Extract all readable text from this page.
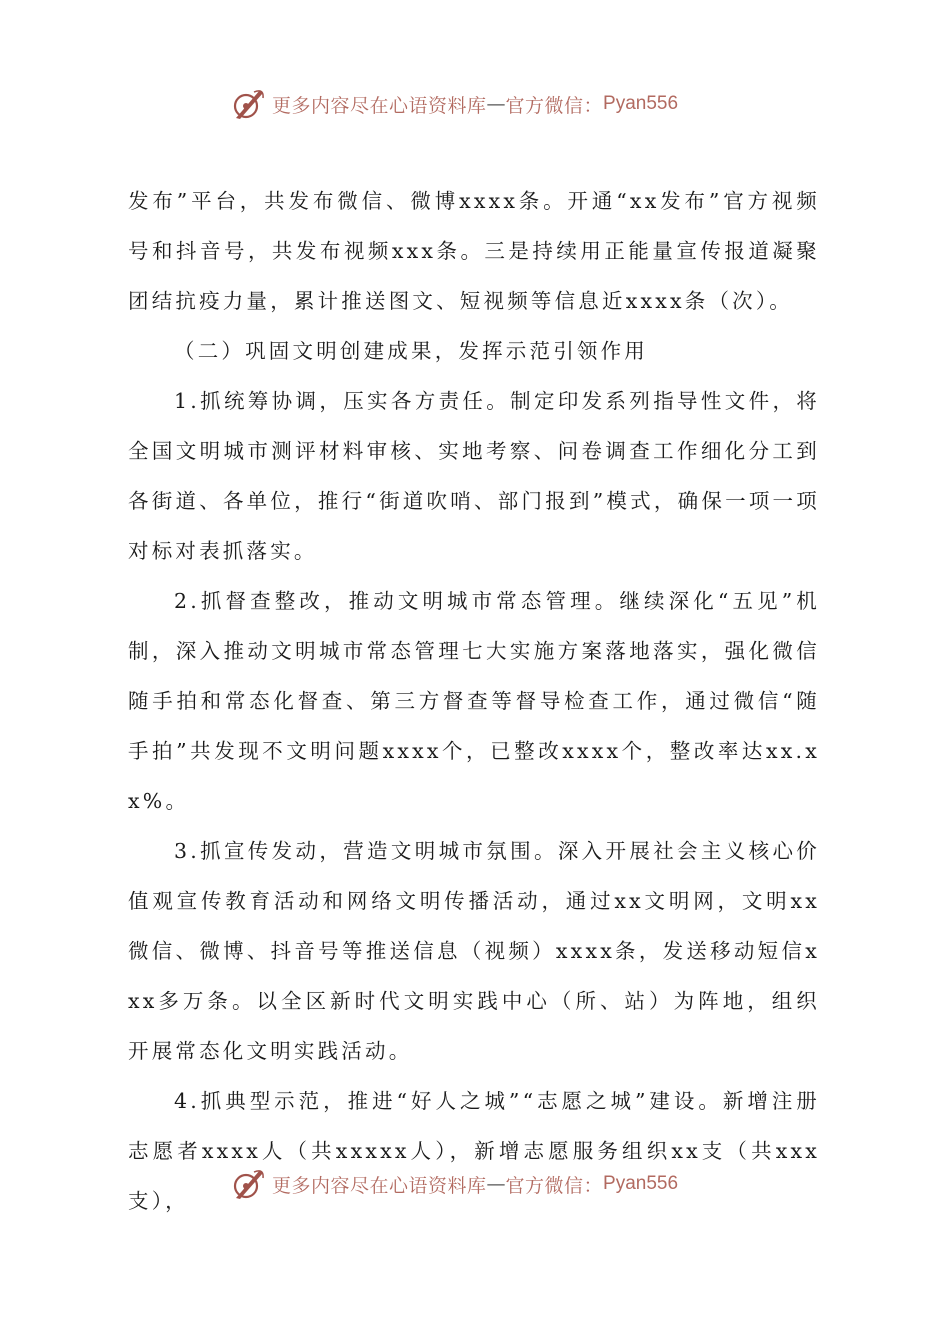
更多内容尽在心语资料库 — 官方微信： Pyan556

发布”平台，共发布微信、微博xxxx条。开通“xx发布”官方视频号和抖音号，共发布视频xxx条。三是持续用正能量宣传报道凝聚团结抗疫力量，累计推送图文、短视频等信息近xxxx条（次）。

（二）巩固文明创建成果，发挥示范引领作用

1.抓统筹协调，压实各方责任。制定印发系列指导性文件，将全国文明城市测评材料审核、实地考察、问卷调查工作细化分工到各街道、各单位，推行“街道吹哨、部门报到”模式，确保一项一项对标对表抓落实。

2.抓督查整改，推动文明城市常态管理。继续深化“五见”机制，深入推动文明城市常态管理七大实施方案落地落实，强化微信随手拍和常态化督查、第三方督查等督导检查工作，通过微信“随手拍”共发现不文明问题xxxx个，已整改xxxx个，整改率达xx.xx%。

3.抓宣传发动，营造文明城市氛围。深入开展社会主义核心价值观宣传教育活动和网络文明传播活动，通过xx文明网，文明xx微信、微博、抖音号等推送信息（视频）xxxx条，发送移动短信xxx多万条。以全区新时代文明实践中心（所、站）为阵地，组织开展常态化文明实践活动。

4.抓典型示范，推进“好人之城”“志愿之城”建设。新增注册志愿者xxxx人（共xxxxx人），新增志愿服务组织xx支（共xxx支），

更多内容尽在心语资料库 — 官方微信： Pyan556
